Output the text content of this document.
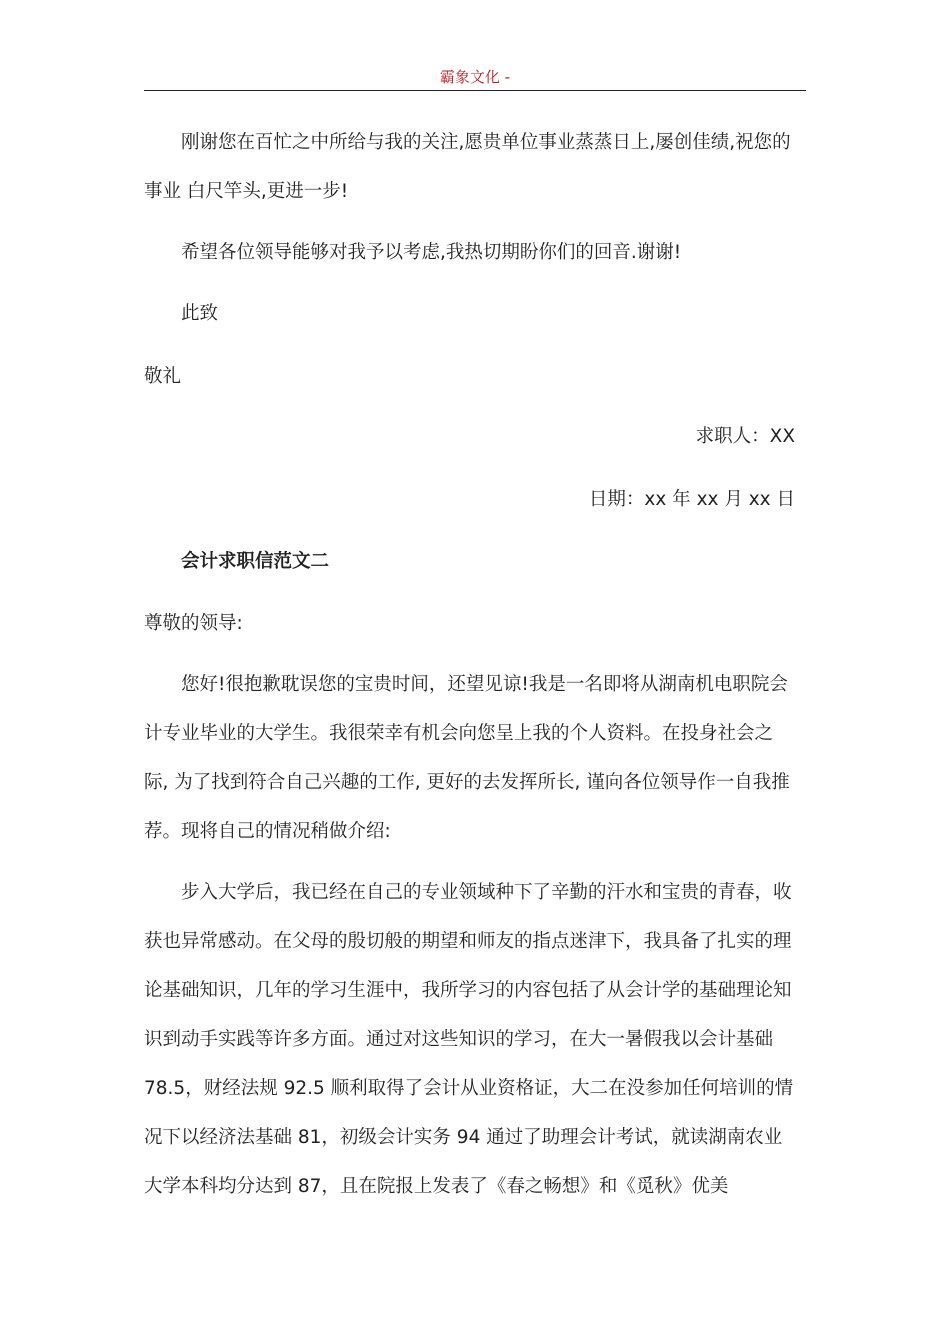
霸象文化 -

刚谢您在百忙之中所给与我的关注,愿贵单位事业蒸蒸日上,屡创佳绩,祝您的事业 白尺竿头,更进一步!

希望各位领导能够对我予以考虑,我热切期盼你们的回音.谢谢!

此致

敬礼

求职人：XX

日期：xx 年 xx 月 xx 日

会计求职信范文二

尊敬的领导:

您好!很抱歉耽误您的宝贵时间，还望见谅!我是一名即将从湖南机电职院会计专业毕业的大学生。我很荣幸有机会向您呈上我的个人资料。在投身社会之际, 为了找到符合自己兴趣的工作, 更好的去发挥所长, 谨向各位领导作一自我推荐。现将自己的情况稍做介绍:

步入大学后，我已经在自己的专业领域种下了辛勤的汗水和宝贵的青春，收获也异常感动。在父母的殷切般的期望和师友的指点迷津下，我具备了扎实的理论基础知识，几年的学习生涯中，我所学习的内容包括了从会计学的基础理论知识到动手实践等许多方面。通过对这些知识的学习，在大一暑假我以会计基础 78.5，财经法规 92.5 顺利取得了会计从业资格证，大二在没参加任何培训的情况下以经济法基础 81，初级会计实务 94 通过了助理会计考试，就读湖南农业大学本科均分达到 87，且在院报上发表了《春之畅想》和《觅秋》优美
